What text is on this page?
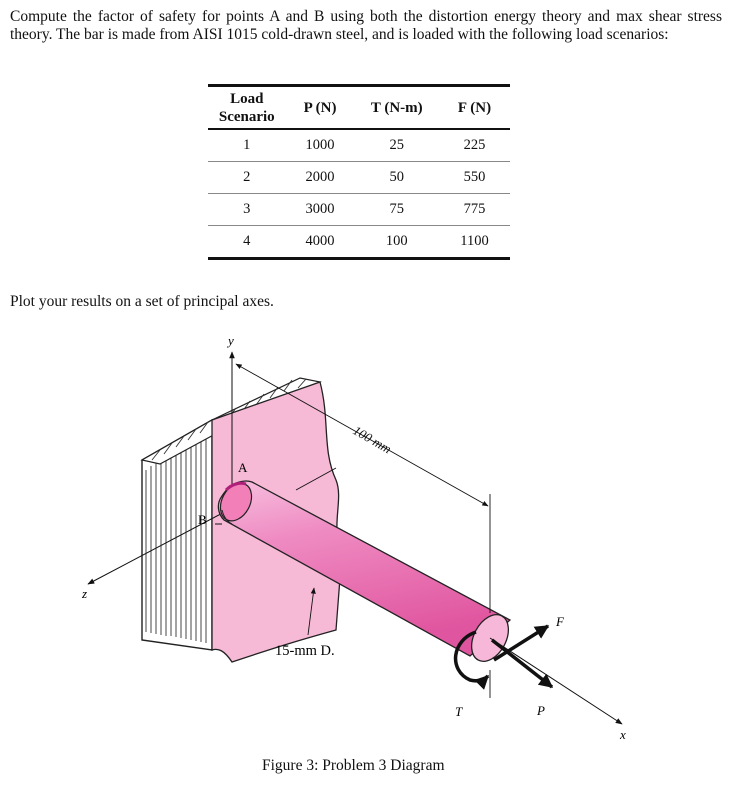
Compute the factor of safety for points A and B using both the distortion energy theory and max shear stress theory. The bar is made from AISI 1015 cold-drawn steel, and is loaded with the following load scenarios:

Load Scenario	P (N)	T (N-m)	F (N)
1	1000	25	225
2	2000	50	550
3	3000	75	775
4	4000	100	1100

Plot your results on a set of principal axes.

y
z
x
A
B
100 mm
15-mm D.
T	P
F

Figure 3: Problem 3 Diagram
